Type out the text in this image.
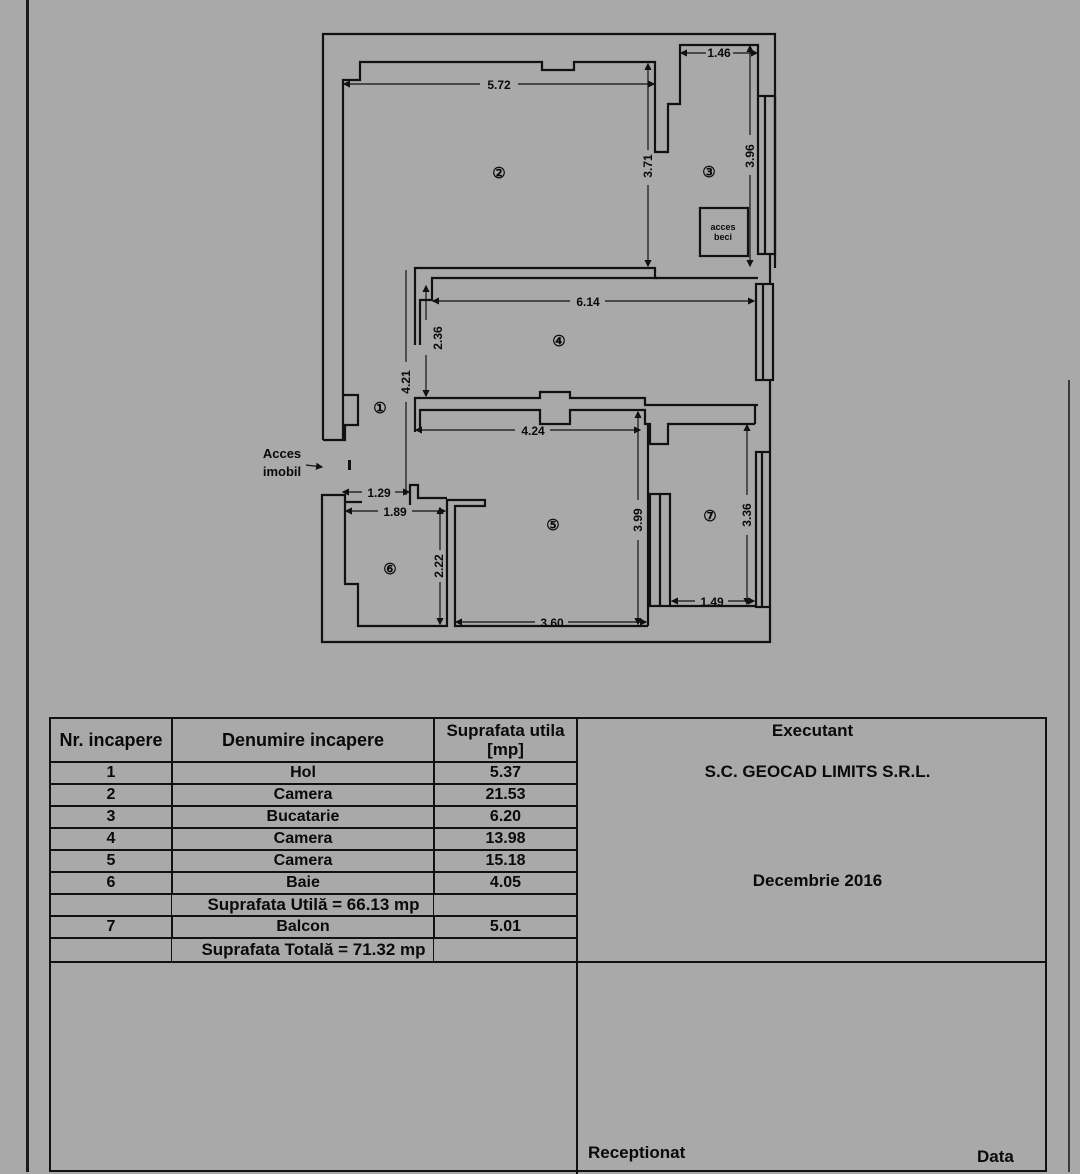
5.72
1.46
3.71	3.96
6.14
2.36
4.21
4.24
1.29
1.89
2.22
3.99
3.60
3.36
1.49
①
②	③
④
⑤
⑥
⑦
acces
beci
Acces
imobil
Nr. incapere	Denumire incapere	Suprafata utila
[mp]
1	Hol	5.37
2	Camera	21.53
3	Bucatarie	6.20
4	Camera	13.98
5	Camera	15.18
6	Baie	4.05
Suprafata Utilă = 66.13 mp
7	Balcon	5.01
Suprafata Totală = 71.32 mp
Executant
S.C. GEOCAD LIMITS S.R.L.
Decembrie 2016
Receptionat	Data
